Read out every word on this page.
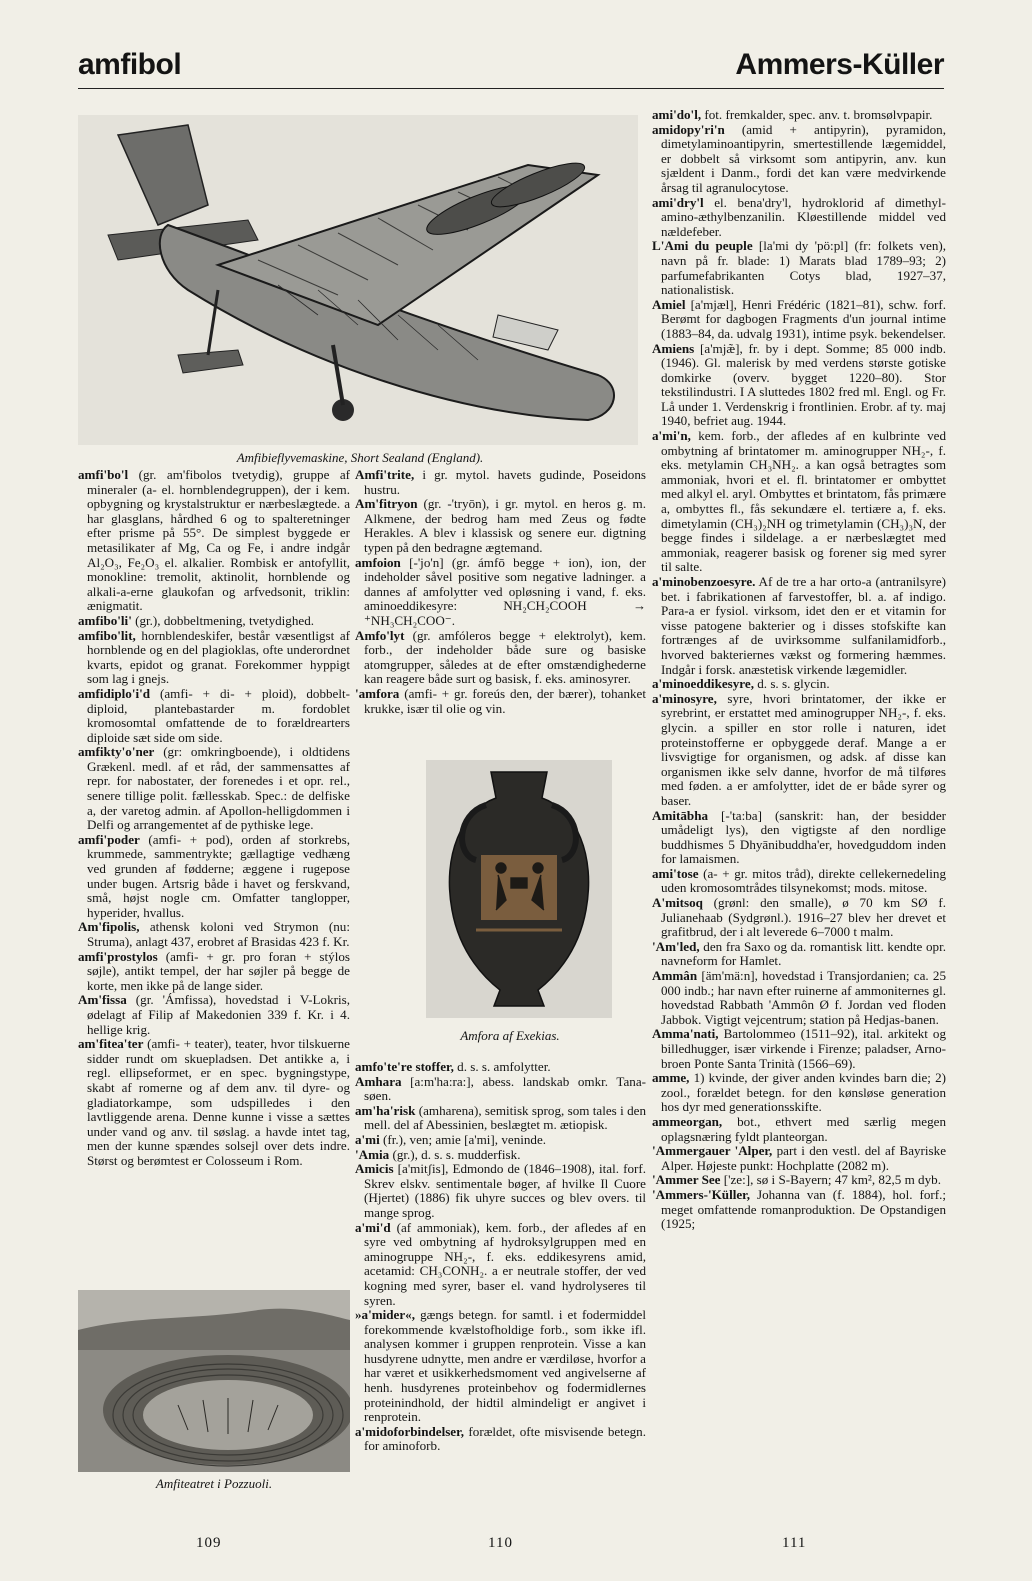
amfibol	Ammers-Küller
Amfibieflyvemaskine, Short Sealand (England).
amfi'bo'l (gr. am'fibolos tvetydig), gruppe af mineraler (a- el. hornblendegruppen), der i kem. opbygning og krystalstruktur er nærbeslægtede. a har glasglans, hårdhed 6 og to spalteretninger efter prisme på 55°. De simplest byggede er metasilikater af Mg, Ca og Fe, i andre indgår Al₂O₃, Fe₂O₃ el. alkalier. Rombisk er antofyllit, monokline: tremolit, aktinolit, hornblende og alkali-a-erne glaukofan og arfvedsonit, triklin: ænigmatit.
amfibo'li' (gr.), dobbeltmening, tvetydighed.
amfibo'lit, hornblendeskifer, består væsentligst af hornblende og en del plagioklas, ofte underordnet kvarts, epidot og granat. Forekommer hyppigt som lag i gnejs.
amfidiplo'i'd (amfi- + di- + ploid), dobbelt-diploid, plantebastarder m. fordoblet kromosomtal omfattende de to forældrearters diploide sæt side om side.
amfikty'o'ner (gr: omkringboende), i oldtidens Grækenl. medl. af et råd, der sammensattes af repr. for nabostater, der forenedes i et opr. rel., senere tillige polit. fællesskab. Spec.: de delfiske a, der varetog admin. af Apollon-helligdommen i Delfi og arrangementet af de pythiske lege.
amfi'poder (amfi- + pod), orden af storkrebs, krummede, sammentrykte; gællagtige vedhæng ved grunden af fødderne; æggene i rugepose under bugen. Artsrig både i havet og ferskvand, små, højst nogle cm. Omfatter tanglopper, hyperider, hvallus.
Am'fipolis, athensk koloni ved Strymon (nu: Struma), anlagt 437, erobret af Brasidas 423 f. Kr.
amfi'prostylos (amfi- + gr. pro foran + stýlos søjle), antikt tempel, der har søjler på begge de korte, men ikke på de lange sider.
Am'fissa (gr. 'Ámfissa), hovedstad i V-Lokris, ødelagt af Filip af Makedonien 339 f. Kr. i 4. hellige krig.
am'fitea'ter (amfi- + teater), teater, hvor tilskuerne sidder rundt om skuepladsen. Det antikke a, i regl. ellipseformet, er en spec. bygningstype, skabt af romerne og af dem anv. til dyre- og gladiatorkampe, som udspilledes i den lavtliggende arena. Denne kunne i visse a sættes under vand og anv. til søslag. a havde intet tag, men der kunne spændes solsejl over dets indre. Størst og berømtest er Colosseum i Rom.
Amfiteatret i Pozzuoli.
Amfi'trite, i gr. mytol. havets gudinde, Poseidons hustru.
Am'fitryon (gr. -'tryōn), i gr. mytol. en heros g. m. Alkmene, der bedrog ham med Zeus og fødte Herakles. A blev i klassisk og senere eur. digtning typen på den bedragne ægtemand.
amfoion [-'jo'n] (gr. ámfō begge + ion), ion, der indeholder såvel positive som negative ladninger. a dannes af amfolytter ved opløsning i vand, f. eks. aminoeddikesyre: NH₂CH₂COOH → ⁺NH₃CH₂COO⁻.
Amfo'lyt (gr. amfóleros begge + elektrolyt), kem. forb., der indeholder både sure og basiske atomgrupper, således at de efter omstændighederne kan reagere både surt og basisk, f. eks. aminosyrer.
'amfora (amfi- + gr. foreús den, der bærer), tohanket krukke, især til olie og vin.
Amfora af Exekias.
amfo'te're stoffer, d. s. s. amfolytter.
Amhara [a:m'ha:ra:], abess. landskab omkr. Tana-søen.
am'ha'risk (amharena), semitisk sprog, som tales i den mell. del af Abessinien, beslægtet m. ætiopisk.
a'mi (fr.), ven; amie [a'mi], veninde.
'Amia (gr.), d. s. s. mudderfisk.
Amicis [a'mitʃis], Edmondo de (1846–1908), ital. forf. Skrev elskv. sentimentale bøger, af hvilke Il Cuore (Hjertet) (1886) fik uhyre succes og blev overs. til mange sprog.
a'mi'd (af ammoniak), kem. forb., der afledes af en syre ved ombytning af hydroksylgruppen med en aminogruppe NH₂-, f. eks. eddikesyrens amid, acetamid: CH₃CONH₂. a er neutrale stoffer, der ved kogning med syrer, baser el. vand hydrolyseres til syren.
»a'mider«, gængs betegn. for samtl. i et fodermiddel forekommende kvælstofholdige forb., som ikke ifl. analysen kommer i gruppen renprotein. Visse a kan husdyrene udnytte, men andre er værdiløse, hvorfor a har været et usikkerhedsmoment ved angivelserne af henh. husdyrenes proteinbehov og fodermidlernes proteinindhold, der hidtil almindeligt er angivet i renprotein.
a'midoforbindelser, forældet, ofte misvisende betegn. for aminoforb.
ami'do'l, fot. fremkalder, spec. anv. t. bromsølvpapir.
amidopy'ri'n (amid + antipyrin), pyramidon, dimetylaminoantipyrin, smertestillende lægemiddel, er dobbelt så virksomt som antipyrin, anv. kun sjældent i Danm., fordi det kan være medvirkende årsag til agranulocytose.
ami'dry'l el. bena'dry'l, hydroklorid af dimethyl-amino-æthylbenzanilin. Kløestillende middel ved nældefeber.
L'Ami du peuple [la'mi dy 'pö:pl] (fr: folkets ven), navn på fr. blade: 1) Marats blad 1789–93; 2) parfumefabrikanten Cotys blad, 1927–37, nationalistisk.
Amiel [a'mjæl], Henri Frédéric (1821–81), schw. forf. Berømt for dagbogen Fragments d'un journal intime (1883–84, da. udvalg 1931), intime psyk. bekendelser.
Amiens [a'mjæ̃], fr. by i dept. Somme; 85 000 indb. (1946). Gl. malerisk by med verdens største gotiske domkirke (overv. bygget 1220–80). Stor tekstilindustri. I A sluttedes 1802 fred ml. Engl. og Fr. Lå under 1. Verdenskrig i frontlinien. Erobr. af ty. maj 1940, befriet aug. 1944.
a'mi'n, kem. forb., der afledes af en kulbrinte ved ombytning af brintatomer m. aminogrupper NH₂-, f. eks. metylamin CH₃NH₂. a kan også betragtes som ammoniak, hvori et el. fl. brintatomer er ombyttet med alkyl el. aryl. Ombyttes et brintatom, fås primære a, ombyttes fl., fås sekundære el. tertiære a, f. eks. dimetylamin (CH₃)₂NH og trimetylamin (CH₃)₃N, der begge findes i sildelage. a er nærbeslægtet med ammoniak, reagerer basisk og forener sig med syrer til salte.
a'minobenzoesyre. Af de tre a har orto-a (antranilsyre) bet. i fabrikationen af farvestoffer, bl. a. af indigo. Para-a er fysiol. virksom, idet den er et vitamin for visse patogene bakterier og i disses stofskifte kan fortrænges af de uvirksomme sulfanilamidforb., hvorved bakteriernes vækst og formering hæmmes. Indgår i forsk. anæstetisk virkende lægemidler.
a'minoeddikesyre, d. s. s. glycin.
a'minosyre, syre, hvori brintatomer, der ikke er syrebrint, er erstattet med aminogrupper NH₂-, f. eks. glycin. a spiller en stor rolle i naturen, idet proteinstofferne er opbyggede deraf. Mange a er livsvigtige for organismen, og adsk. af disse kan organismen ikke selv danne, hvorfor de må tilføres med føden. a er amfolytter, idet de er både syrer og baser.
Amitābha [-'ta:ba] (sanskrit: han, der besidder umådeligt lys), den vigtigste af den nordlige buddhismes 5 Dhyānibuddha'er, hovedguddom inden for lamaismen.
ami'tose (a- + gr. mitos tråd), direkte cellekernedeling uden kromosomtrådes tilsynekomst; mods. mitose.
A'mitsoq (grønl: den smalle), ø 70 km SØ f. Julianehaab (Sydgrønl.). 1916–27 blev her drevet et grafitbrud, der i alt leverede 6–7000 t malm.
'Am'led, den fra Saxo og da. romantisk litt. kendte opr. navneform for Hamlet.
Ammân [äm'mä:n], hovedstad i Transjordanien; ca. 25 000 indb.; har navn efter ruinerne af ammoniternes gl. hovedstad Rabbath 'Ammôn Ø f. Jordan ved floden Jabbok. Vigtigt vejcentrum; station på Hedjas-banen.
Amma'nati, Bartolommeo (1511–92), ital. arkitekt og billedhugger, især virkende i Firenze; paladser, Arno-broen Ponte Santa Trinità (1566–69).
amme, 1) kvinde, der giver anden kvindes barn die; 2) zool., forældet betegn. for den kønsløse generation hos dyr med generationsskifte.
ammeorgan, bot., ethvert med særlig megen oplagsnæring fyldt planteorgan.
'Ammergauer 'Alper, part i den vestl. del af Bayriske Alper. Højeste punkt: Hochplatte (2082 m).
'Ammer See ['ze:], sø i S-Bayern; 47 km², 82,5 m dyb.
'Ammers-'Küller, Johanna van (f. 1884), hol. forf.; meget omfattende romanproduktion. De Opstandigen (1925;
109	110	111
